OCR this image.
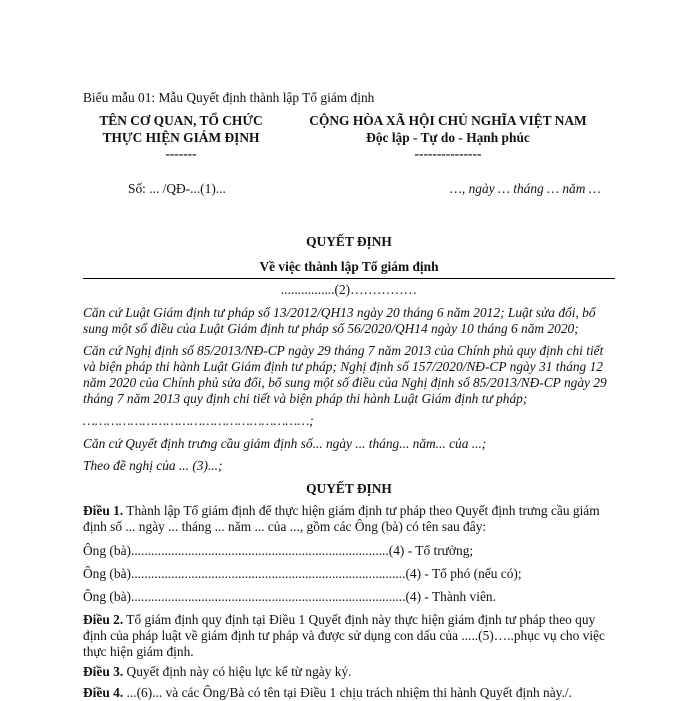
Biểu mẫu 01: Mẫu Quyết định thành lập Tổ giám định
TÊN CƠ QUAN, TỔ CHỨC
THỰC HIỆN GIÁM ĐỊNH
-------
CỘNG HÒA XÃ HỘI CHỦ NGHĨA VIỆT NAM
Độc lập - Tự do - Hạnh phúc
---------------
Số: ... /QĐ-...(1)...	…, ngày … tháng … năm …
QUYẾT ĐỊNH
Về việc thành lập Tổ giám định
................(2)……………
Căn cứ Luật Giám định tư pháp số 13/2012/QH13 ngày 20 tháng 6 năm 2012; Luật sửa đổi, bổ sung một số điều của Luật Giám định tư pháp số 56/2020/QH14 ngày 10 tháng 6 năm 2020;
Căn cứ Nghị định số 85/2013/NĐ-CP ngày 29 tháng 7 năm 2013 của Chính phủ quy định chi tiết và biện pháp thi hành Luật Giám định tư pháp; Nghị định số 157/2020/NĐ-CP ngày 31 tháng 12 năm 2020 của Chính phủ sửa đổi, bổ sung một số điều của Nghị định số 85/2013/NĐ-CP ngày 29 tháng 7 năm 2013 quy định chi tiết và biện pháp thi hành Luật Giám định tư pháp;
…………………………………………………;
Căn cứ Quyết định trưng cầu giám định số... ngày ... tháng... năm... của ...;
Theo đề nghị của ... (3)...;
QUYẾT ĐỊNH
Điều 1. Thành lập Tổ giám định để thực hiện giám định tư pháp theo Quyết định trưng cầu giám định số ... ngày ... tháng ... năm ... của ..., gồm các Ông (bà) có tên sau đây:
Ông (bà).............................................................................(4) - Tổ trưởng;
Ông (bà)..................................................................................(4) - Tổ phó (nếu có);
Ông (bà)..................................................................................(4) - Thành viên.
Điều 2. Tổ giám định quy định tại Điều 1 Quyết định này thực hiện giám định tư pháp theo quy định của pháp luật về giám định tư pháp và được sử dụng con dấu của .....(5)…..phục vụ cho việc thực hiện giám định.
Điều 3. Quyết định này có hiệu lực kể từ ngày ký.
Điều 4. ...(6)... và các Ông/Bà có tên tại Điều 1 chịu trách nhiệm thi hành Quyết định này./.
